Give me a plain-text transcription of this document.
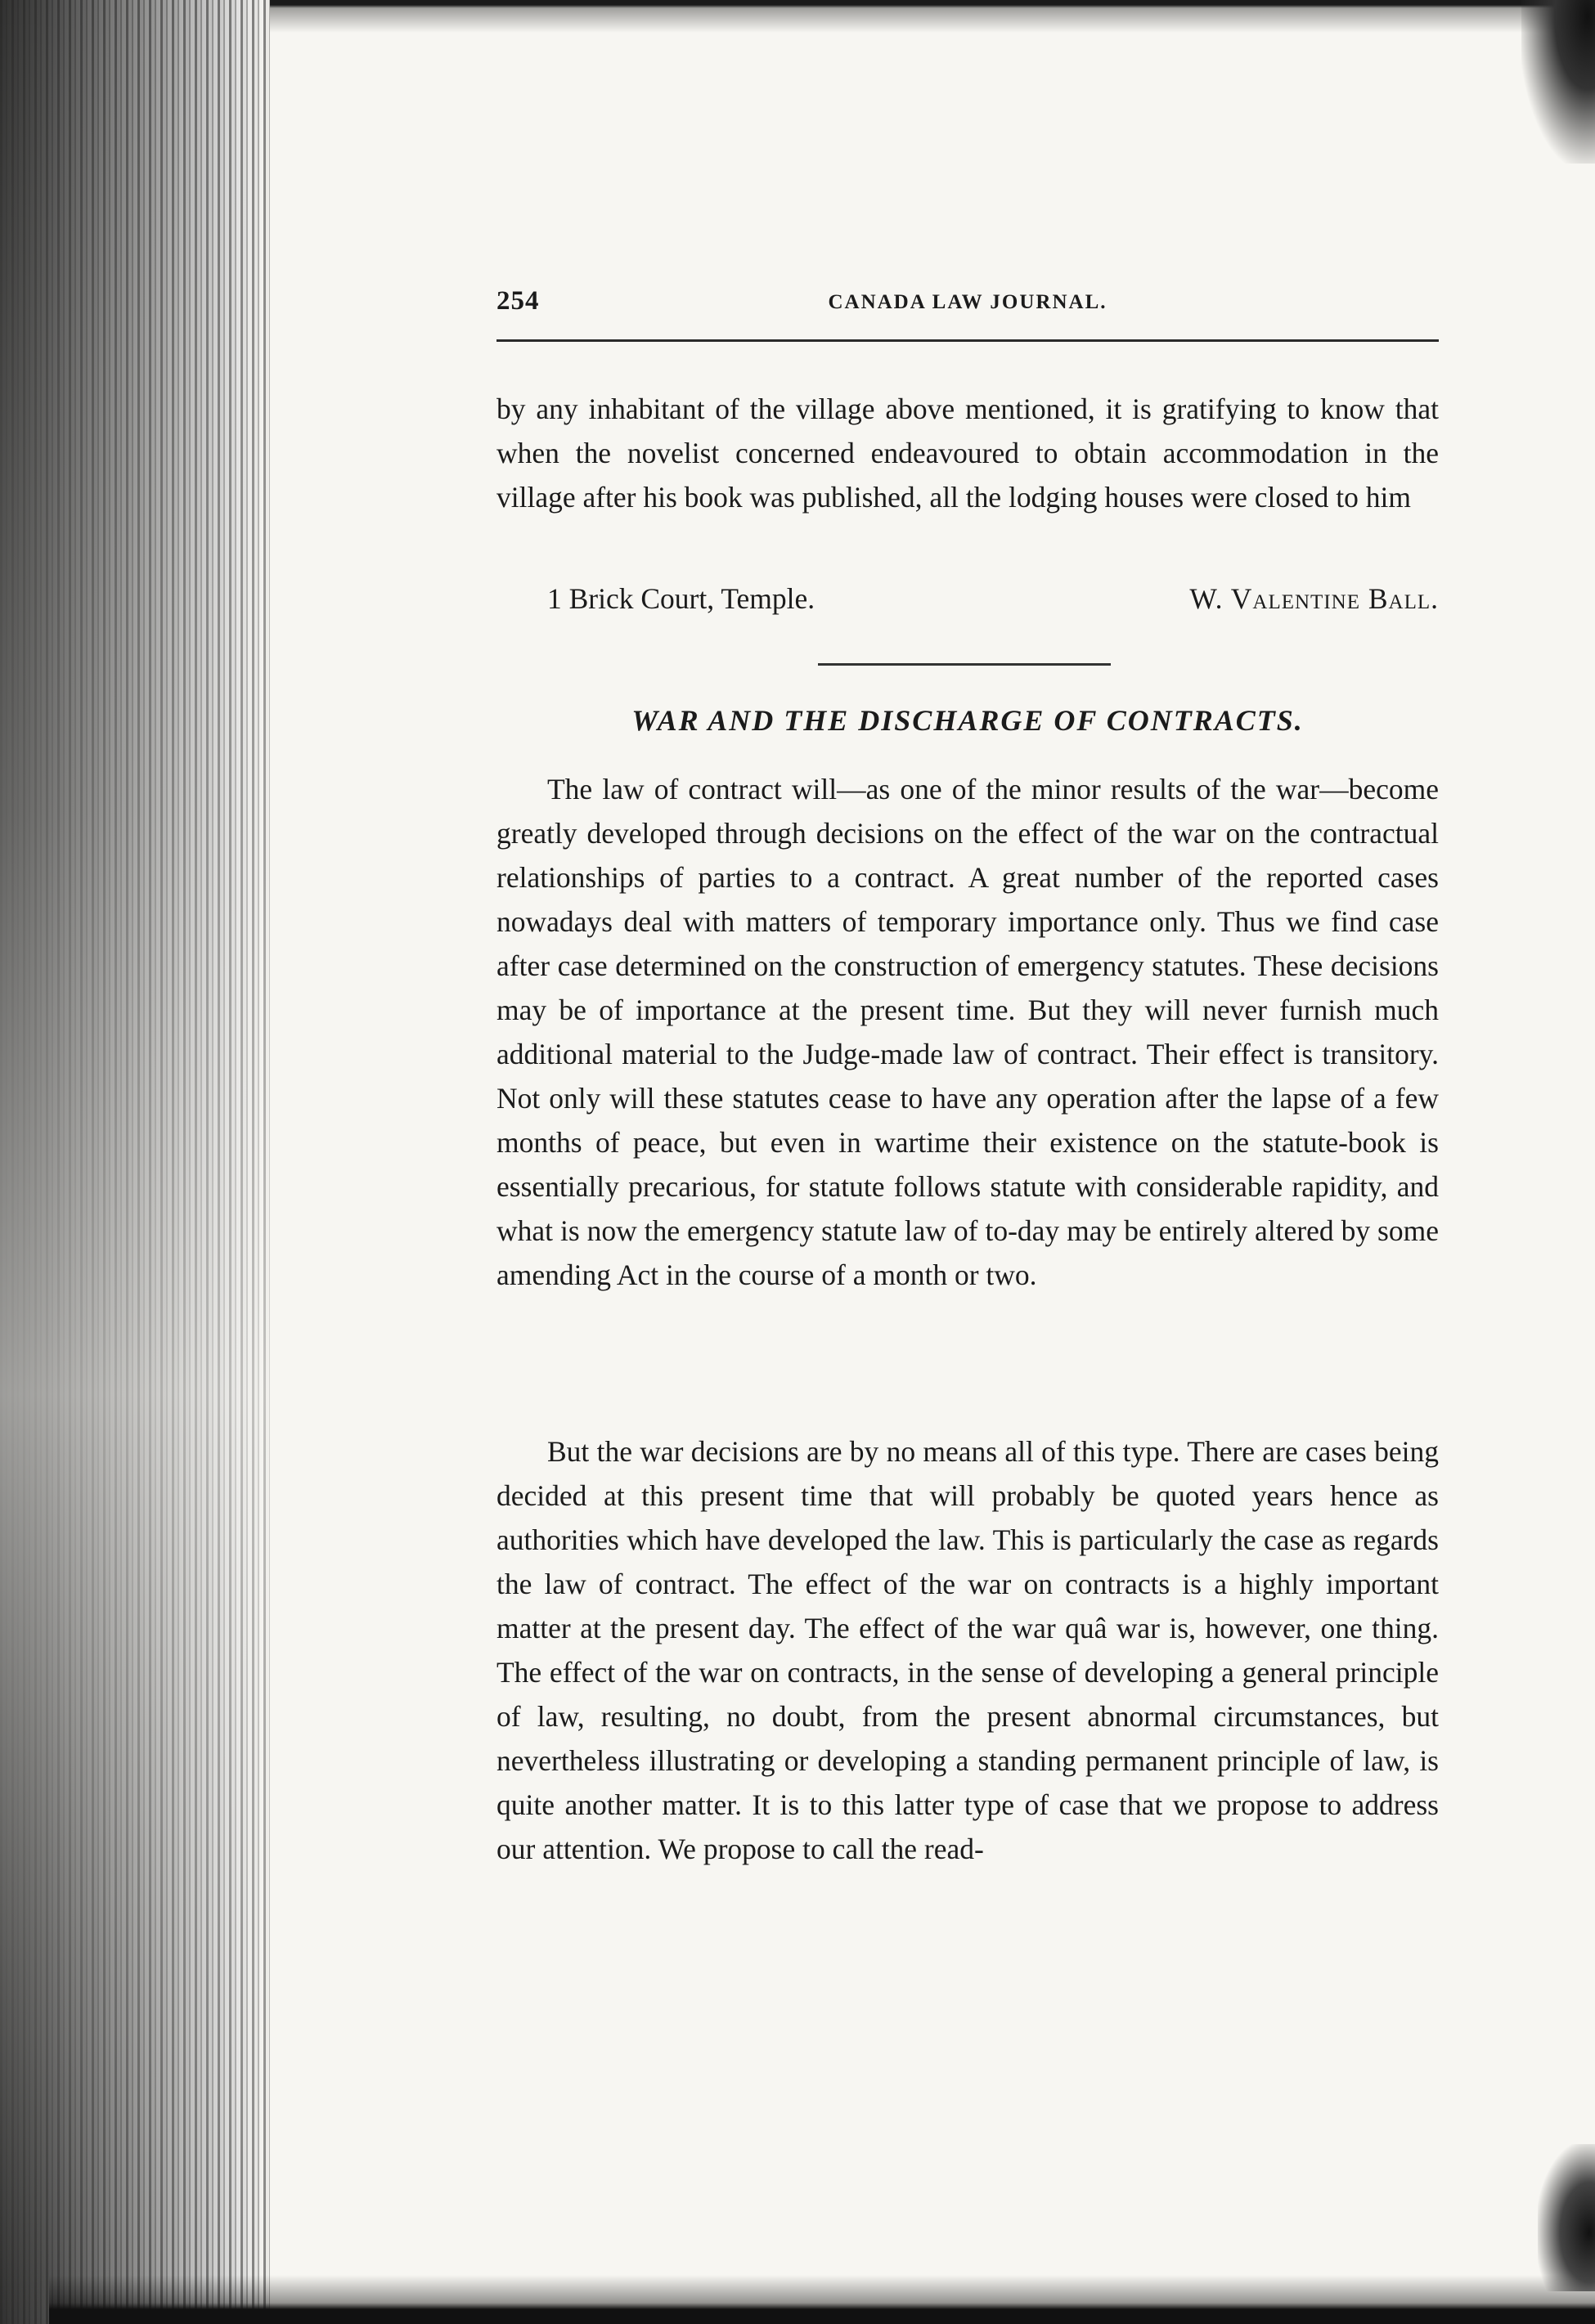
254	CANADA LAW JOURNAL.

by any inhabitant of the village above mentioned, it is gratifying to know that when the novelist concerned endeavoured to obtain accommodation in the village after his book was published, all the lodging houses were closed to him

1 Brick Court, Temple.	W. Valentine Ball.
WAR AND THE DISCHARGE OF CONTRACTS.

The law of contract will—as one of the minor results of the war—become greatly developed through decisions on the effect of the war on the contractual relationships of parties to a contract. A great number of the reported cases nowadays deal with matters of temporary importance only. Thus we find case after case determined on the construction of emergency statutes. These decisions may be of importance at the present time. But they will never furnish much additional material to the Judge-made law of contract. Their effect is transitory. Not only will these statutes cease to have any operation after the lapse of a few months of peace, but even in wartime their existence on the statute-book is essentially precarious, for statute follows statute with considerable rapidity, and what is now the emergency statute law of to-day may be entirely altered by some amending Act in the course of a month or two.

But the war decisions are by no means all of this type. There are cases being decided at this present time that will probably be quoted years hence as authorities which have developed the law. This is particularly the case as regards the law of contract. The effect of the war on contracts is a highly important matter at the present day. The effect of the war quâ war is, however, one thing. The effect of the war on contracts, in the sense of developing a general principle of law, resulting, no doubt, from the present abnormal circumstances, but nevertheless illustrating or developing a standing permanent principle of law, is quite another matter. It is to this latter type of case that we propose to address our attention. We propose to call the read-
